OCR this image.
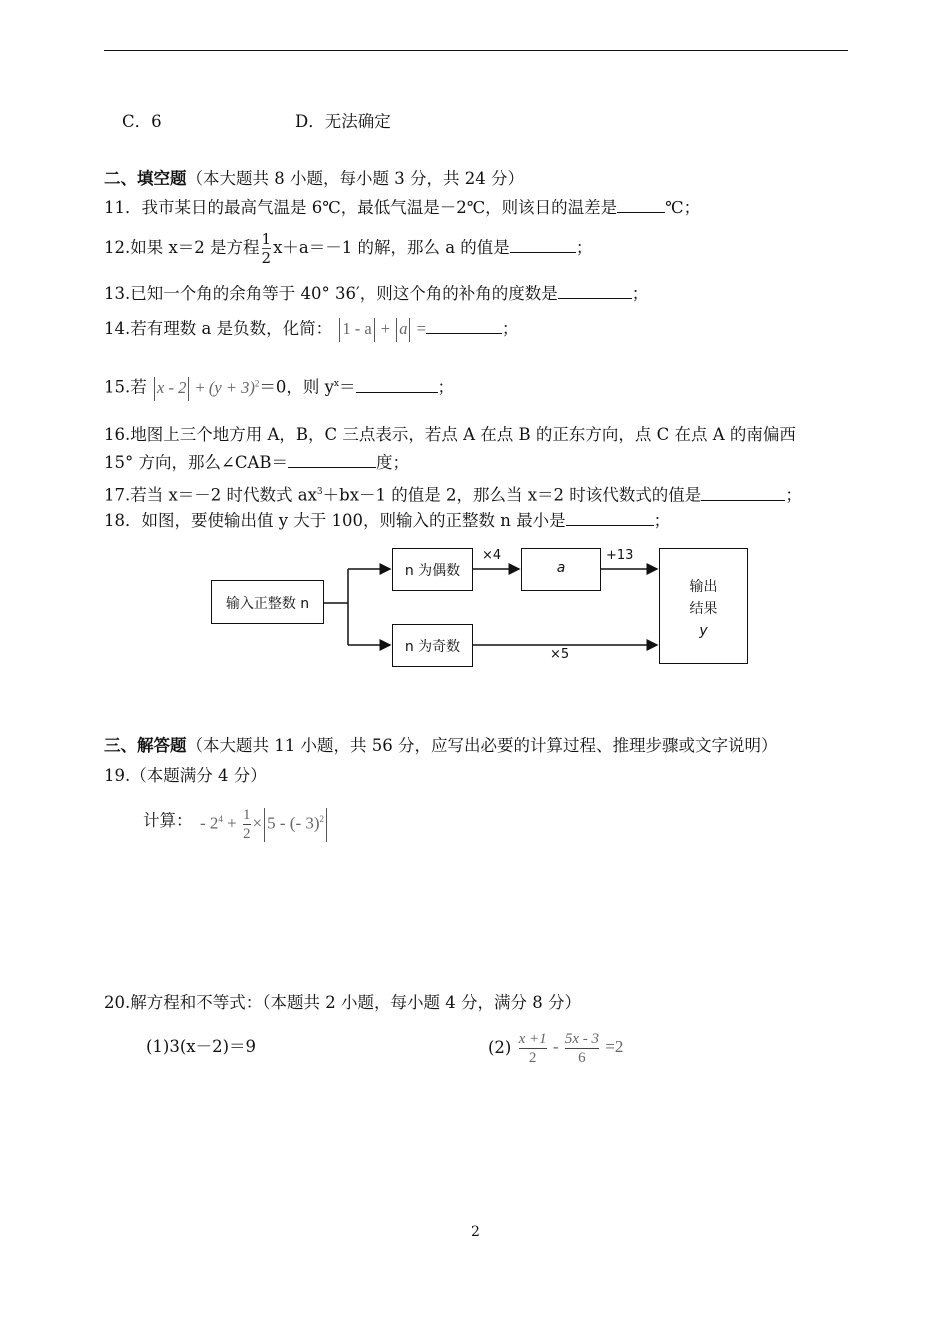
C．6	D．无法确定
二、填空题（本大题共 8 小题，每小题 3 分，共 24 分）
11．我市某日的最高气温是 6℃，最低气温是－2℃，则该日的温差是	℃；
12.如果 x＝2 是方程 $\frac{1}{2} x+a=-1$ 的解，那么 a 的值是	；
13.已知一个角的余角等于 40° 36′，则这个角的补角的度数是	；
14.若有理数 a 是负数，化简： 1 - a + a =	；
15.若 $x - 2 + (y + 3)^2=0$，则 $y^x=$	；
16.地图上三个地方用 A，B，C 三点表示，若点 A 在点 B 的正东方向，点 C 在点 A 的南偏西
15° 方向，那么∠CAB＝	度；
17.若当 x＝－2 时代数式 $ax^3+bx-1$ 的值是 2，那么当 x＝2 时该代数式的值是	；
18．如图，要使输出值 y 大于 100，则输入的正整数 n 最小是	；
输入正整数 n
n 为偶数
n 为奇数
a
输出
结果
y
×4	+13
×5
三、解答题（本大题共 11 小题，共 56 分，应写出必要的计算过程、推理步骤或文字说明）
19.（本题满分 4 分）
计算： - $2^4 + \frac{1}{2} \times 5$ - (- 3)$^2$
20.解方程和不等式：（本题共 2 小题，每小题 4 分，满分 8 分）
(1)3(x－2)＝9	$(2) \frac{x +1}{2} - \frac{5x - 3}{6} =2$
2
